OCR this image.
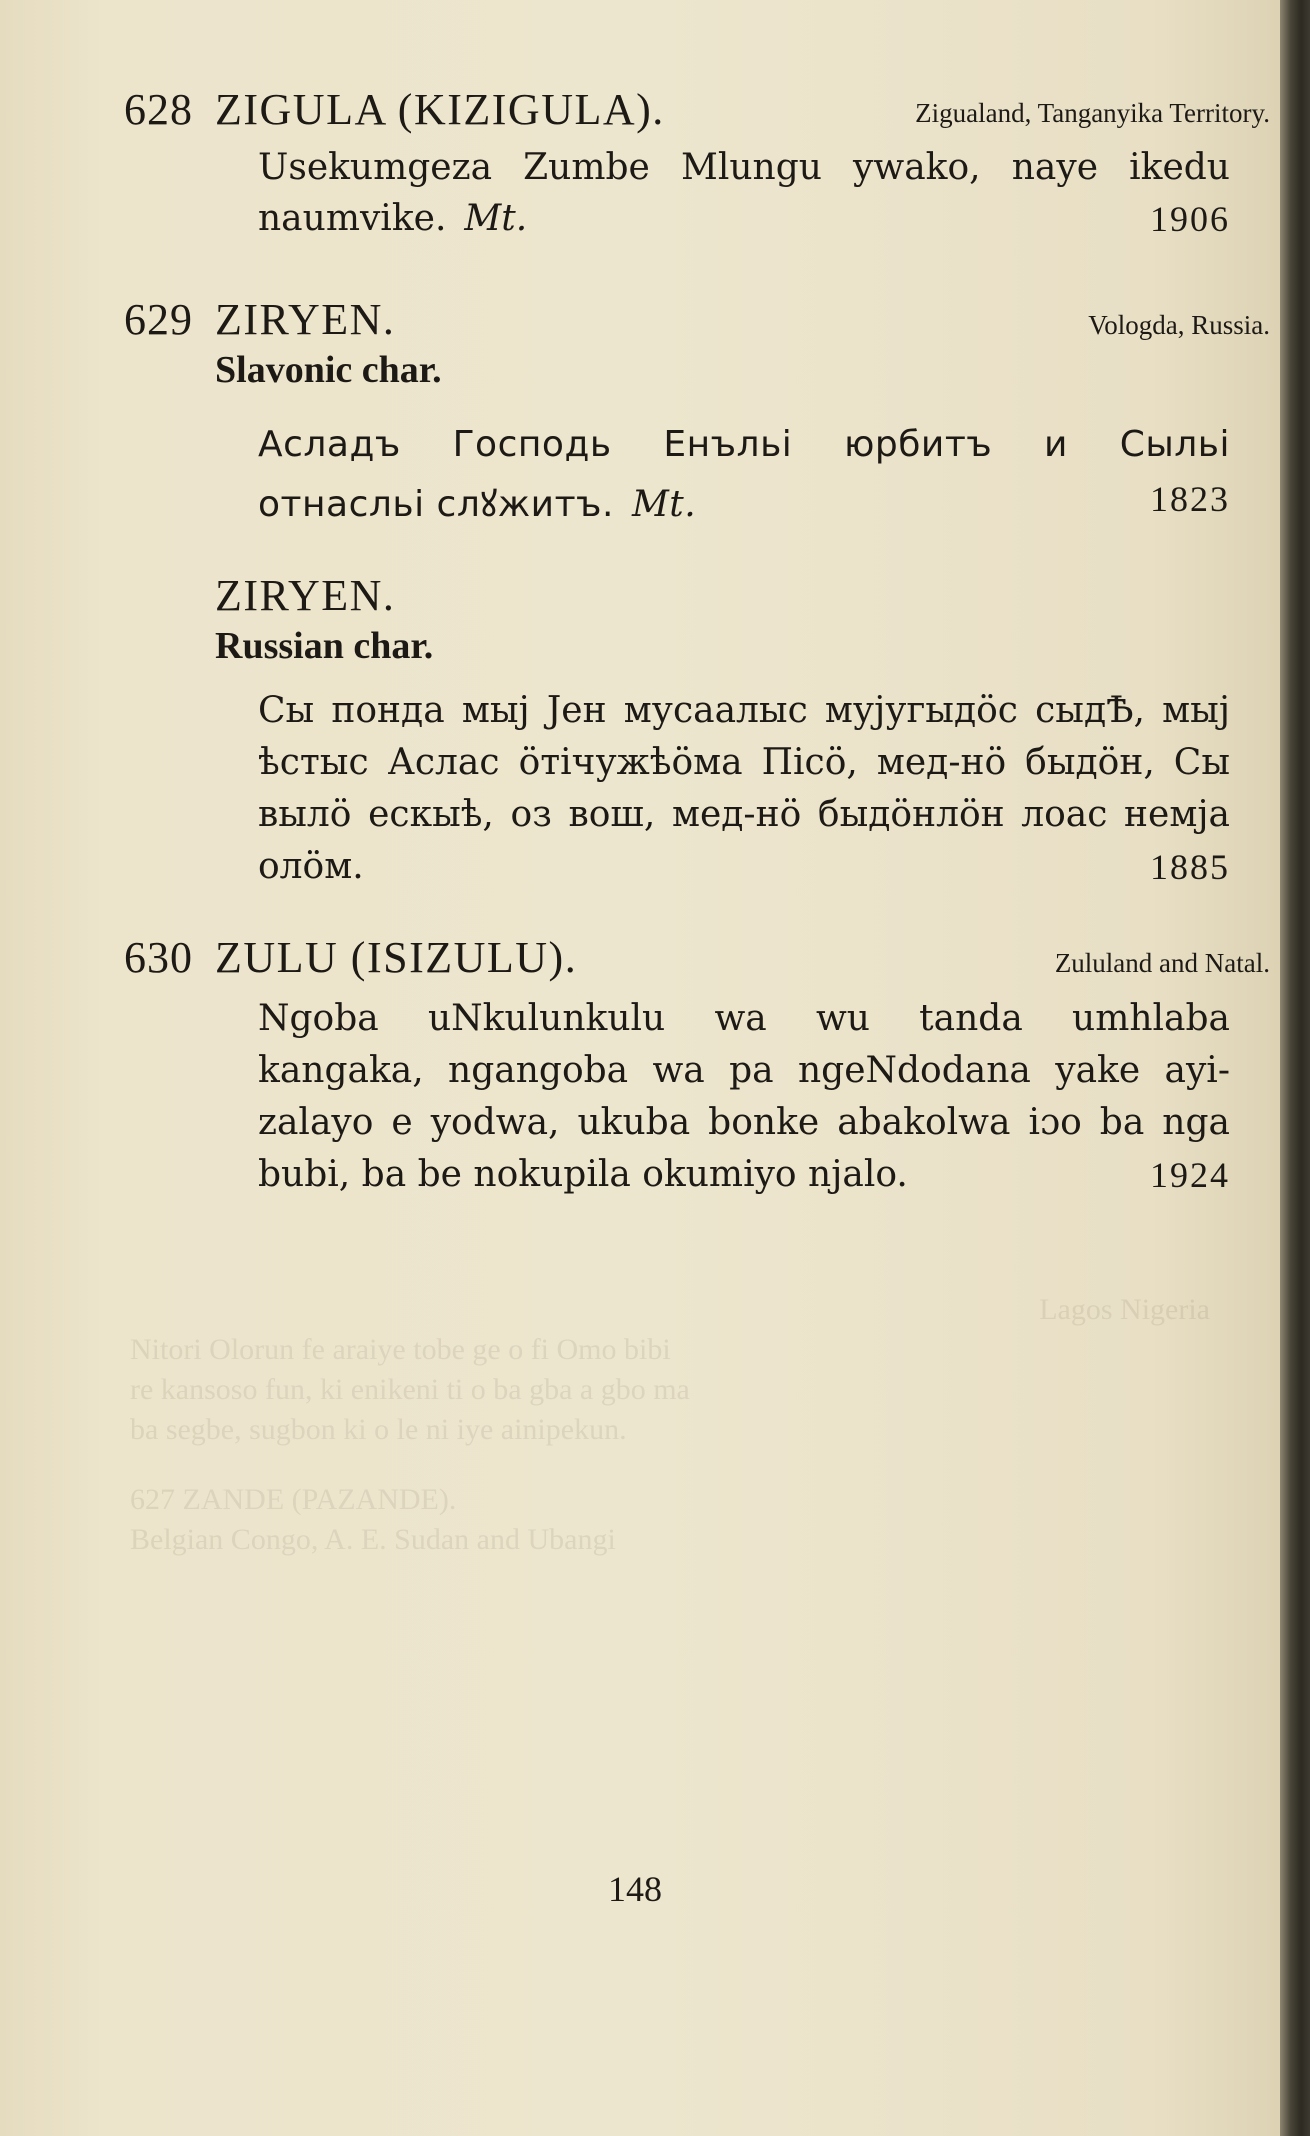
Lagos Nigeria
Nitori Olorun fe araiye tobe ge o fi Omo bibi
re kansoso fun, ki enikeni ti o ba gba a gbo ma
ba segbe, sugbon ki o le ni iye ainipekun.
627 ZANDE (PAZANDE).
Belgian Congo, A. E. Sudan and Ubangi
628 ZIGULA (KIZIGULA).	Zigualand, Tanganyika Territory.
Usekumgeza Zumbe Mlungu ywako, naye ikedu
naumvike. Mt.	1906
629 ZIRYEN.	Vologda, Russia.
Slavonic char.
Асладъ Господь Енъльі юрбитъ и Сыльі
отнасльі слꙋжитъ. Mt.	1823
ZIRYEN.
Russian char.
Сы понда мыј Јен мусаалыс мујугыдöс сыдѢ, мыј
ѣстыс Аслас öтiчужѣöма Пiсö, мед-нö быдöн, Сы
вылö ескыѣ, оз вош, мед-нö быдöнлöн лоас немја
олöм.	1885
630 ZULU (ISIZULU).	Zululand and Natal.
Ngoba uNkulunkulu wa wu tanda umhlaba
kangaka, ngangoba wa pa ngeNdodana yake ayi-
zalayo e yodwa, ukuba bonke abakolwa iɔo ba nga
bubi, ba be nokupila okumiyo njalo.	1924
148
